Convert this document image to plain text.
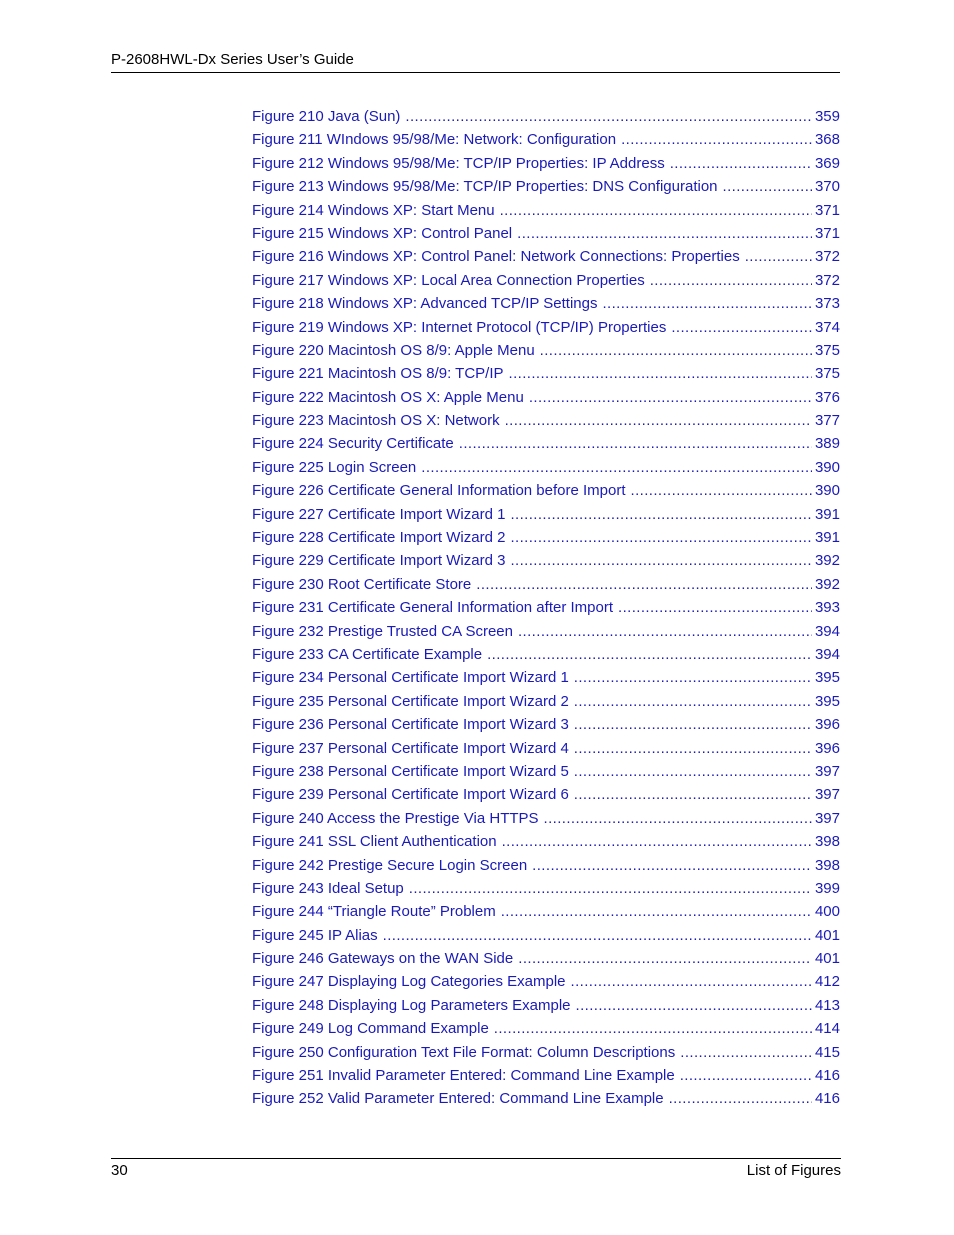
P-2608HWL-Dx Series User’s Guide
Figure 210 Java (Sun) .....	359
Figure 211 WIndows 95/98/Me: Network: Configuration .....	368
Figure 212 Windows 95/98/Me: TCP/IP Properties: IP Address .....	369
Figure 213 Windows 95/98/Me: TCP/IP Properties: DNS Configuration .....	370
Figure 214 Windows XP: Start Menu .....	371
Figure 215 Windows XP: Control Panel .....	371
Figure 216 Windows XP: Control Panel: Network Connections: Properties .....	372
Figure 217 Windows XP: Local Area Connection Properties .....	372
Figure 218 Windows XP: Advanced TCP/IP Settings .....	373
Figure 219 Windows XP: Internet Protocol (TCP/IP) Properties .....	374
Figure 220 Macintosh OS 8/9: Apple Menu .....	375
Figure 221 Macintosh OS 8/9: TCP/IP .....	375
Figure 222 Macintosh OS X: Apple Menu .....	376
Figure 223 Macintosh OS X: Network .....	377
Figure 224 Security Certificate .....	389
Figure 225 Login Screen .....	390
Figure 226 Certificate General Information before Import .....	390
Figure 227 Certificate Import Wizard 1 .....	391
Figure 228 Certificate Import Wizard 2 .....	391
Figure 229 Certificate Import Wizard 3 .....	392
Figure 230 Root Certificate Store .....	392
Figure 231 Certificate General Information after Import .....	393
Figure 232 Prestige Trusted CA Screen .....	394
Figure 233 CA Certificate Example .....	394
Figure 234 Personal Certificate Import Wizard 1 .....	395
Figure 235 Personal Certificate Import Wizard 2 .....	395
Figure 236 Personal Certificate Import Wizard 3 .....	396
Figure 237 Personal Certificate Import Wizard 4 .....	396
Figure 238 Personal Certificate Import Wizard 5 .....	397
Figure 239 Personal Certificate Import Wizard 6 .....	397
Figure 240 Access the Prestige Via HTTPS .....	397
Figure 241 SSL Client Authentication .....	398
Figure 242 Prestige Secure Login Screen .....	398
Figure 243 Ideal Setup .....	399
Figure 244 “Triangle Route” Problem .....	400
Figure 245 IP Alias .....	401
Figure 246 Gateways on the WAN Side .....	401
Figure 247 Displaying Log Categories Example .....	412
Figure 248 Displaying Log Parameters Example .....	413
Figure 249 Log Command Example .....	414
Figure 250 Configuration Text File Format: Column Descriptions .....	415
Figure 251 Invalid Parameter Entered: Command Line Example .....	416
Figure 252 Valid Parameter Entered: Command Line Example .....	416
30	List of Figures
